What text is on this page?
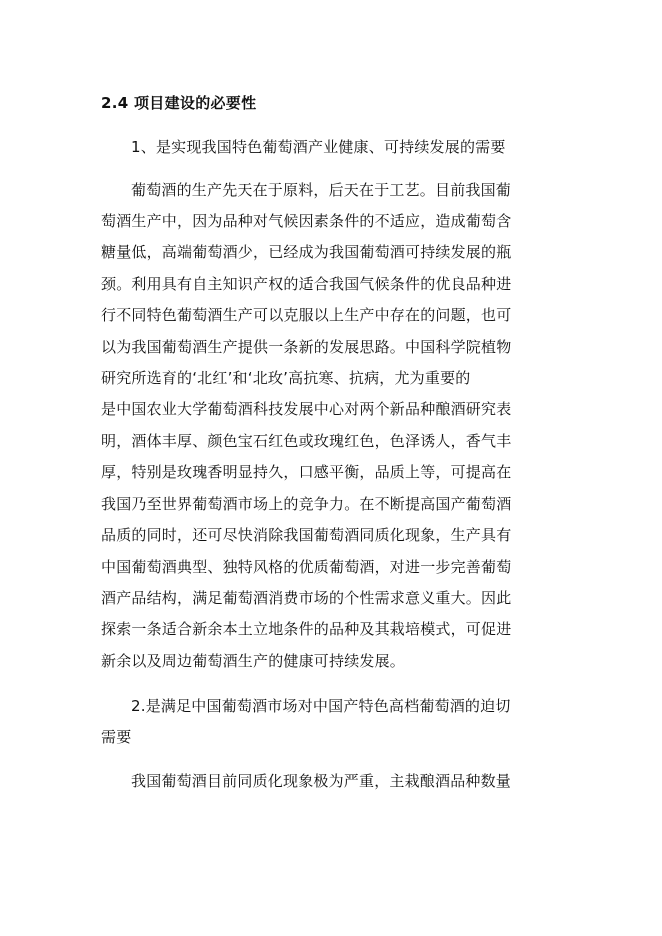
2.4 项目建设的必要性

1、是实现我国特色葡萄酒产业健康、可持续发展的需要

葡萄酒的生产先天在于原料，后天在于工艺。目前我国葡

萄酒生产中，因为品种对气候因素条件的不适应，造成葡萄含

糖量低，高端葡萄酒少，已经成为我国葡萄酒可持续发展的瓶

颈。利用具有自主知识产权的适合我国气候条件的优良品种进

行不同特色葡萄酒生产可以克服以上生产中存在的问题，也可

以为我国葡萄酒生产提供一条新的发展思路。中国科学院植物

研究所选育的‘北红’和‘北玫’高抗寒、抗病，尤为重要的

是中国农业大学葡萄酒科技发展中心对两个新品种酿酒研究表

明，酒体丰厚、颜色宝石红色或玫瑰红色，色泽诱人，香气丰

厚，特别是玫瑰香明显持久，口感平衡，品质上等，可提高在

我国乃至世界葡萄酒市场上的竞争力。在不断提高国产葡萄酒

品质的同时，还可尽快消除我国葡萄酒同质化现象，生产具有

中国葡萄酒典型、独特风格的优质葡萄酒，对进一步完善葡萄

酒产品结构，满足葡萄酒消费市场的个性需求意义重大。因此

探索一条适合新余本土立地条件的品种及其栽培模式，可促进

新余以及周边葡萄酒生产的健康可持续发展。

2.是满足中国葡萄酒市场对中国产特色高档葡萄酒的迫切

需要

我国葡萄酒目前同质化现象极为严重，主栽酿酒品种数量
